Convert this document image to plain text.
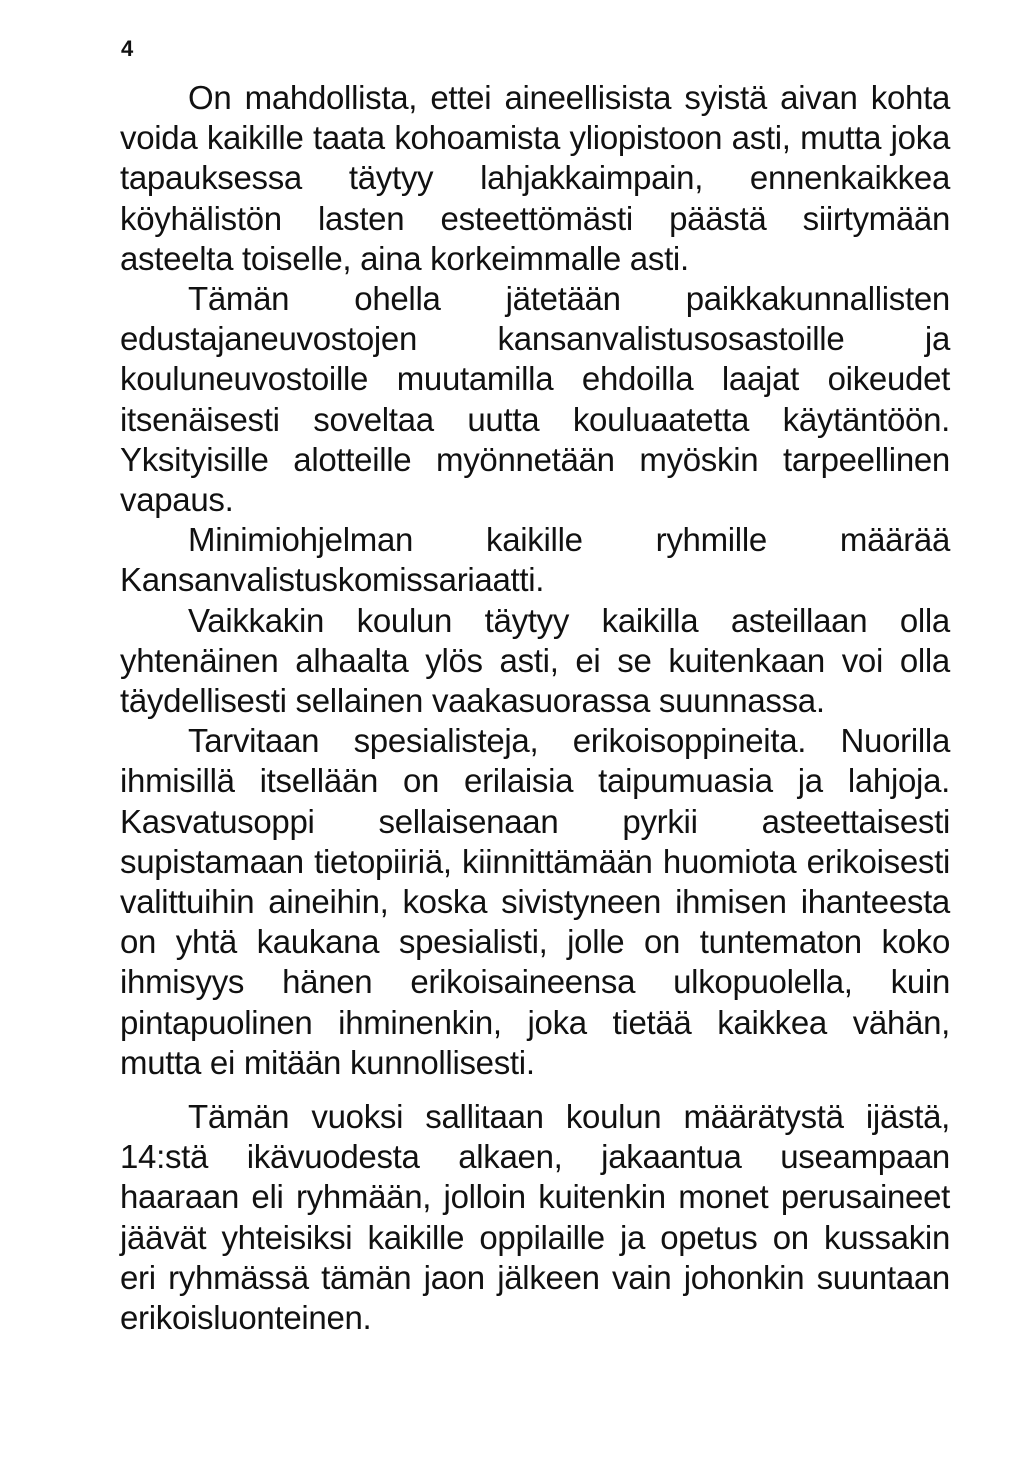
4

On mahdollista, ettei aineellisista syistä aivan kohta voida kaikille taata kohoamista yliopistoon asti, mutta joka tapauksessa täytyy lahjakkaimpain, ennenkaikkea köyhälistön lasten esteettömästi päästä siirtymään asteelta toiselle, aina korkeimmalle asti.

Tämän ohella jätetään paikkakunnallisten edustajaneuvostojen kansanvalistusosastoille ja kouluneuvostoille muutamilla ehdoilla laajat oikeudet itsenäisesti soveltaa uutta kouluaatetta käytäntöön. Yksityisille alotteille myönnetään myöskin tarpeellinen vapaus.

Minimiohjelman kaikille ryhmille määrää Kansanvalistuskomissariaatti.

Vaikkakin koulun täytyy kaikilla asteillaan olla yhtenäinen alhaalta ylös asti, ei se kuitenkaan voi olla täydellisesti sellainen vaakasuorassa suunnassa.

Tarvitaan spesialisteja, erikoisoppineita. Nuorilla ihmisillä itsellään on erilaisia taipumuasia ja lahjoja. Kasvatusoppi sellaisenaan pyrkii asteettaisesti supistamaan tietopiiriä, kiinnittämään huomiota erikoisesti valittuihin aineihin, koska sivistyneen ihmisen ihanteesta on yhtä kaukana spesialisti, jolle on tuntematon koko ihmisyys hänen erikoisaineensa ulkopuolella, kuin pintapuolinen ihminenkin, joka tietää kaikkea vähän, mutta ei mitään kunnollisesti.

Tämän vuoksi sallitaan koulun määrätystä ijästä, 14:stä ikävuodesta alkaen, jakaantua useampaan haaraan eli ryhmään, jolloin kuitenkin monet perusaineet jäävät yhteisiksi kaikille oppilaille ja opetus on kussakin eri ryhmässä tämän jaon jälkeen vain johonkin suuntaan erikoisluonteinen.
